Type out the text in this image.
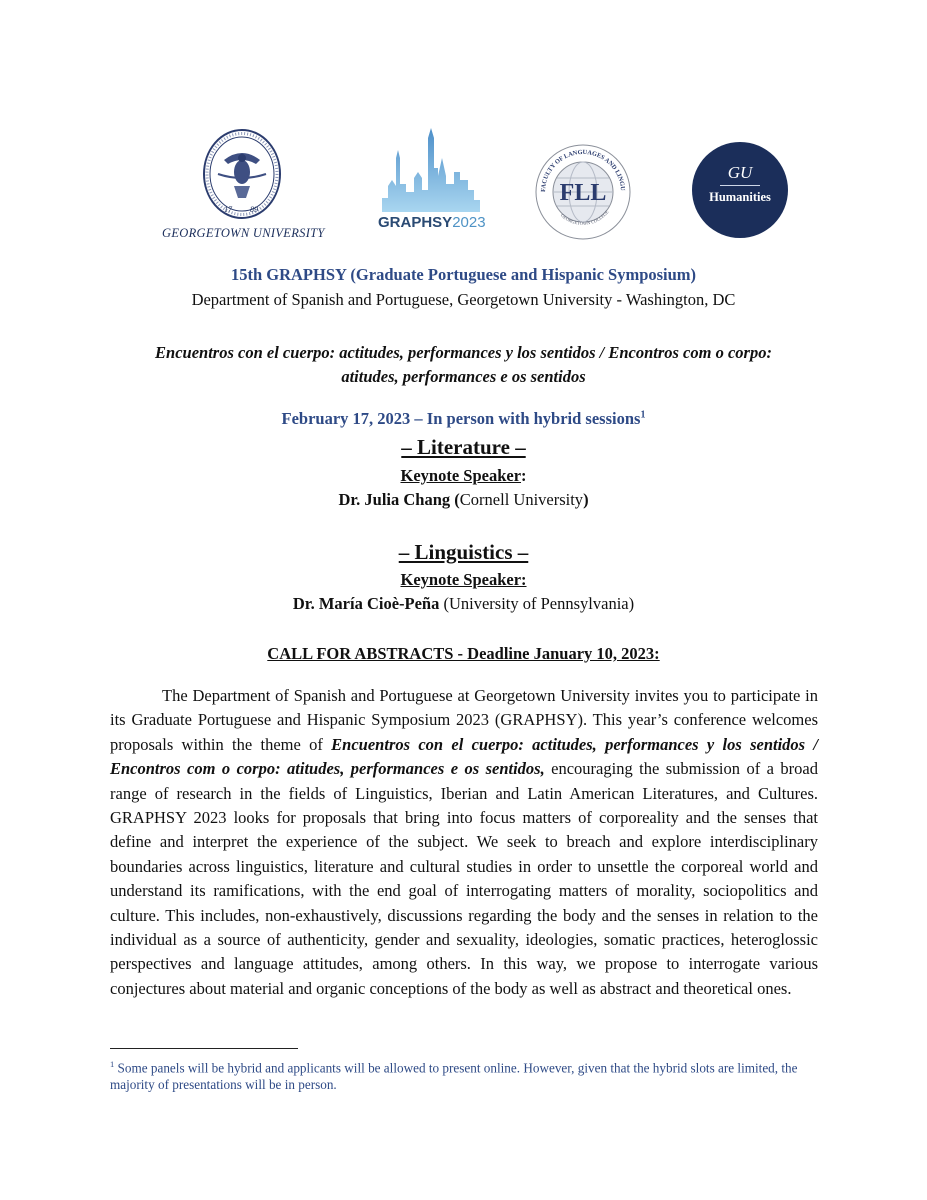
17 89
GEORGETOWN UNIVERSITY
GRAPHSY2023
FACULTY OF LANGUAGES AND LINGU
GEORGETOWN COLLEGE
FLL
GU
Humanities
15th GRAPHSY (Graduate Portuguese and Hispanic Symposium)
Department of Spanish and Portuguese, Georgetown University - Washington, DC
Encuentros con el cuerpo: actitudes, performances y los sentidos / Encontros com o corpo:
atitudes, performances e os sentidos
February 17, 2023 – In person with hybrid sessions$^1$
– Literature –
Keynote Speaker:
Dr. Julia Chang (Cornell University)
– Linguistics –
Keynote Speaker:
Dr. María Cioè-Peña (University of Pennsylvania)
CALL FOR ABSTRACTS - Deadline January 10, 2023:
The Department of Spanish and Portuguese at Georgetown University invites you to participate in its Graduate Portuguese and Hispanic Symposium 2023 (GRAPHSY). This year’s conference welcomes proposals within the theme of Encuentros con el cuerpo: actitudes, performances y los sentidos / Encontros com o corpo: atitudes, performances e os sentidos, encouraging the submission of a broad range of research in the fields of Linguistics, Iberian and Latin American Literatures, and Cultures. GRAPHSY 2023 looks for proposals that bring into focus matters of corporeality and the senses that define and interpret the experience of the subject. We seek to breach and explore interdisciplinary boundaries across linguistics, literature and cultural studies in order to unsettle the corporeal world and understand its ramifications, with the end goal of interrogating matters of morality, sociopolitics and culture. This includes, non-exhaustively, discussions regarding the body and the senses in relation to the individual as a source of authenticity, gender and sexuality, ideologies, somatic practices, heteroglossic perspectives and language attitudes, among others. In this way, we propose to interrogate various conjectures about material and organic conceptions of the body as well as abstract and theoretical ones.
$^1$ Some panels will be hybrid and applicants will be allowed to present online. However, given that the hybrid slots are limited, the majority of presentations will be in person.
